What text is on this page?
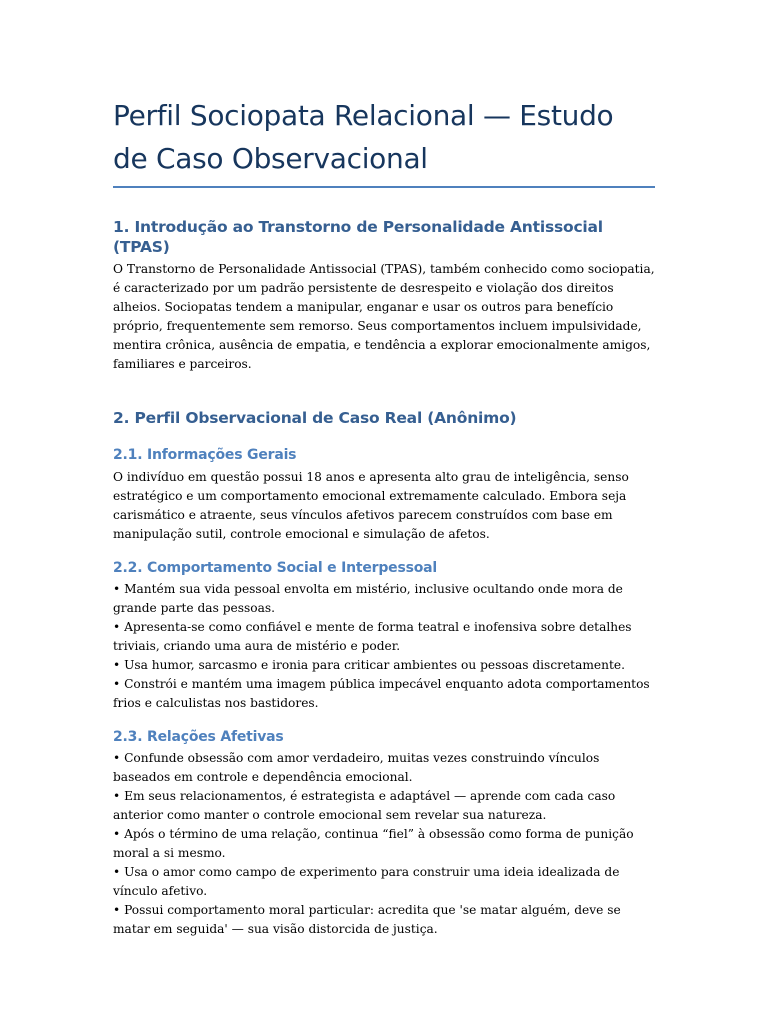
Perfil Sociopata Relacional — Estudo de Caso Observacional
1. Introdução ao Transtorno de Personalidade Antissocial (TPAS)

O Transtorno de Personalidade Antissocial (TPAS), também conhecido como sociopatia, é caracterizado por um padrão persistente de desrespeito e violação dos direitos alheios. Sociopatas tendem a manipular, enganar e usar os outros para benefício próprio, frequentemente sem remorso. Seus comportamentos incluem impulsividade, mentira crônica, ausência de empatia, e tendência a explorar emocionalmente amigos, familiares e parceiros.

2. Perfil Observacional de Caso Real (Anônimo)
2.1. Informações Gerais

O indivíduo em questão possui 18 anos e apresenta alto grau de inteligência, senso estratégico e um comportamento emocional extremamente calculado. Embora seja carismático e atraente, seus vínculos afetivos parecem construídos com base em manipulação sutil, controle emocional e simulação de afetos.

2.2. Comportamento Social e Interpessoal
• Mantém sua vida pessoal envolta em mistério, inclusive ocultando onde mora de grande parte das pessoas.
• Apresenta-se como confiável e mente de forma teatral e inofensiva sobre detalhes triviais, criando uma aura de mistério e poder.
• Usa humor, sarcasmo e ironia para criticar ambientes ou pessoas discretamente.
• Constrói e mantém uma imagem pública impecável enquanto adota comportamentos frios e calculistas nos bastidores.
2.3. Relações Afetivas
• Confunde obsessão com amor verdadeiro, muitas vezes construindo vínculos baseados em controle e dependência emocional.
• Em seus relacionamentos, é estrategista e adaptável — aprende com cada caso anterior como manter o controle emocional sem revelar sua natureza.
• Após o término de uma relação, continua “fiel” à obsessão como forma de punição moral a si mesmo.
• Usa o amor como campo de experimento para construir uma ideia idealizada de vínculo afetivo.
• Possui comportamento moral particular: acredita que 'se matar alguém, deve se matar em seguida' — sua visão distorcida de justiça.
